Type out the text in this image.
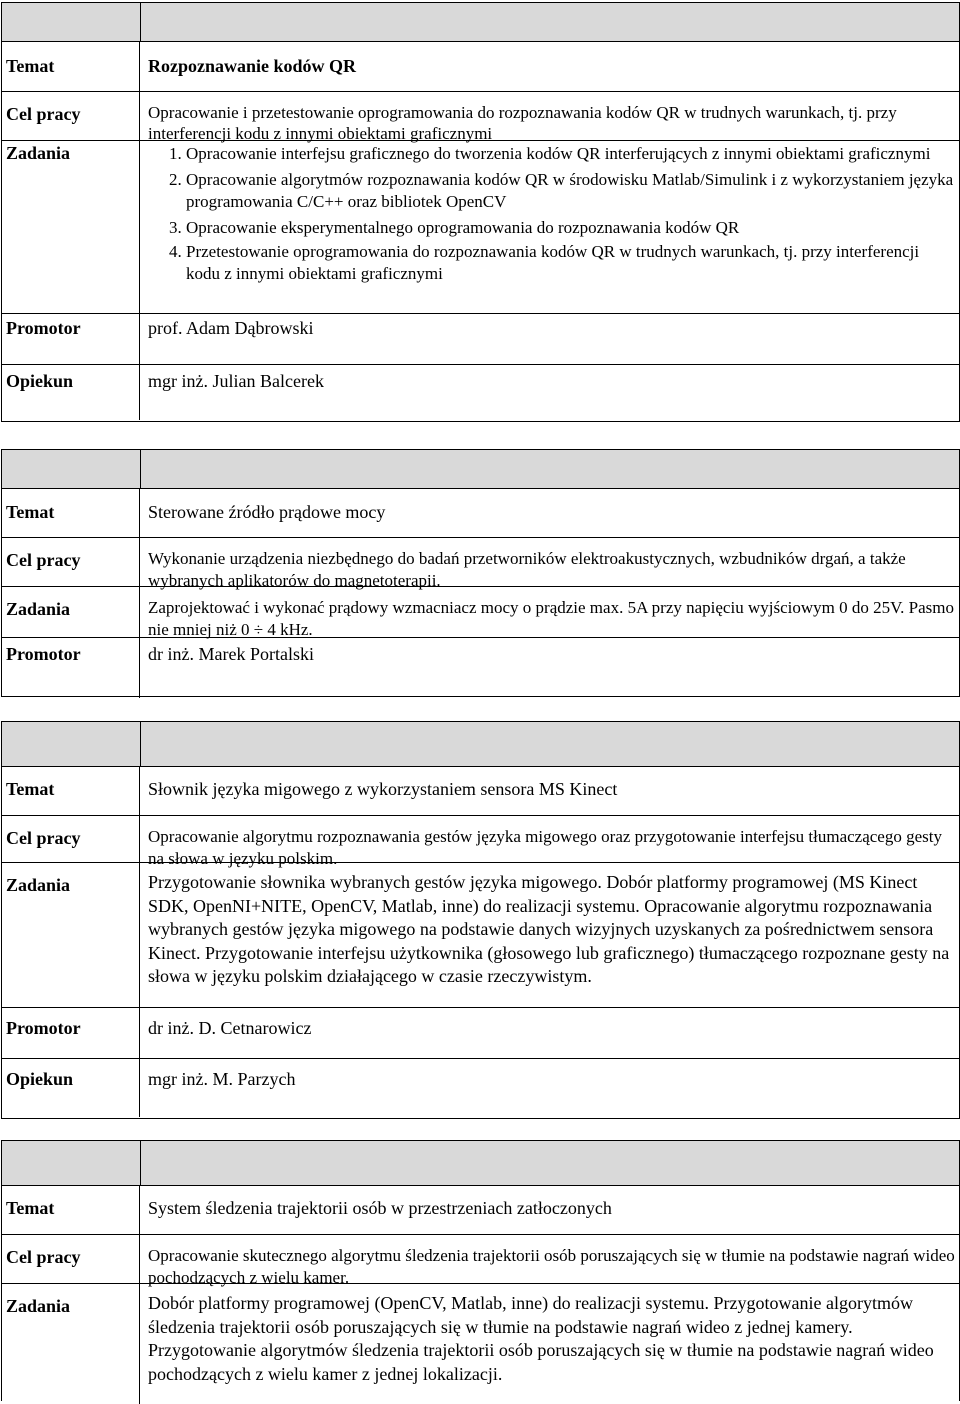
Temat	Rozpoznawanie kodów QR
Cel pracy	Opracowanie i przetestowanie oprogramowania do rozpoznawania kodów QR w trudnych warunkach, tj. przy interferencji kodu z innymi obiektami graficznymi
Zadania
1.	Opracowanie interfejsu graficznego do tworzenia kodów QR interferujących z innymi obiektami graficznymi
2. Opracowanie algorytmów rozpoznawania kodów QR w środowisku Matlab/Simulink i z wykorzystaniem języka programowania C/C++ oraz bibliotek OpenCV
3. Opracowanie eksperymentalnego oprogramowania do rozpoznawania kodów QR
4. Przetestowanie oprogramowania do rozpoznawania kodów QR w trudnych warunkach, tj. przy interferencji kodu z innymi obiektami graficznymi
Promotor	prof. Adam Dąbrowski
Opiekun	mgr inż. Julian Balcerek
Temat	Sterowane źródło prądowe mocy
Cel pracy	Wykonanie urządzenia niezbędnego do badań przetworników elektroakustycznych, wzbudników drgań, a także wybranych aplikatorów do magnetoterapii.
Zadania	Zaprojektować i wykonać prądowy wzmacniacz mocy o prądzie max. 5A przy napięciu wyjściowym 0 do 25V. Pasmo nie mniej niż 0 ÷ 4 kHz.
Promotor	dr inż. Marek Portalski
Temat	Słownik języka migowego z wykorzystaniem sensora MS Kinect
Cel pracy	Opracowanie algorytmu rozpoznawania gestów języka migowego oraz przygotowanie interfejsu tłumaczącego gesty na słowa w języku polskim.
Zadania	Przygotowanie słownika wybranych gestów języka migowego. Dobór platformy programowej (MS Kinect SDK, OpenNI+NITE, OpenCV, Matlab, inne) do realizacji systemu. Opracowanie algorytmu rozpoznawania wybranych gestów języka migowego na podstawie danych wizyjnych uzyskanych za pośrednictwem sensora Kinect. Przygotowanie interfejsu użytkownika (głosowego lub graficznego) tłumaczącego rozpoznane gesty na słowa w języku polskim działającego w czasie rzeczywistym.
Promotor	dr inż. D. Cetnarowicz
Opiekun	mgr inż. M. Parzych
Temat	System śledzenia trajektorii osób w przestrzeniach zatłoczonych
Cel pracy	Opracowanie skutecznego algorytmu śledzenia trajektorii osób poruszających się w tłumie na podstawie nagrań wideo pochodzących z wielu kamer.
Zadania	Dobór platformy programowej (OpenCV, Matlab, inne) do realizacji systemu. Przygotowanie algorytmów śledzenia trajektorii osób poruszających się w tłumie na podstawie nagrań wideo z jednej kamery. Przygotowanie algorytmów śledzenia trajektorii osób poruszających się w tłumie na podstawie nagrań wideo pochodzących z wielu kamer z jednej lokalizacji.
